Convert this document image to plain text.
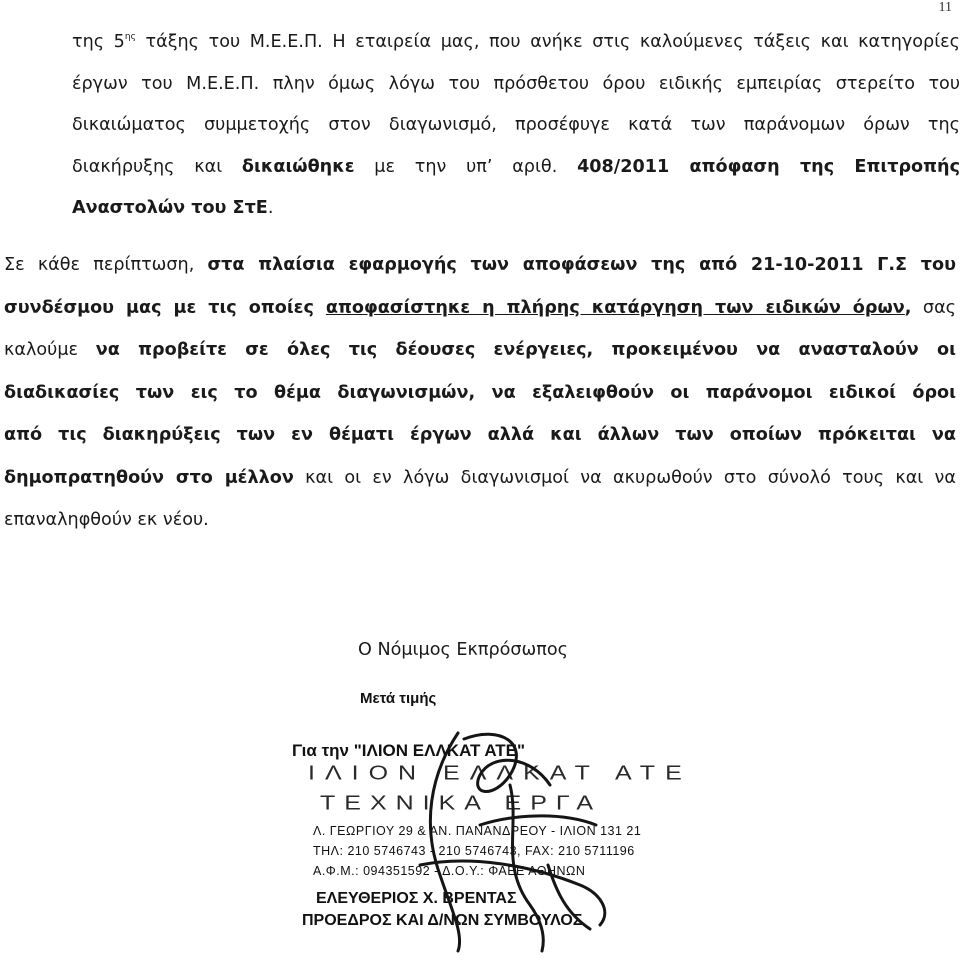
11
της $5^{\eta\varsigma}$ τάξης του Μ.Ε.Ε.Π. Η εταιρεία μας, που ανήκε στις καλούμενες τάξεις και κατηγορίες
έργων του Μ.Ε.Ε.Π. πλην όμως λόγω του πρόσθετου όρου ειδικής εμπειρίας στερείτο του
δικαιώματος συμμετοχής στον διαγωνισμό, προσέφυγε κατά των παράνομων όρων της
διακήρυξης και δικαιώθηκε με την υπ’ αριθ. 408/2011 απόφαση της Επιτροπής
Αναστολών του ΣτΕ.
Σε κάθε περίπτωση, στα πλαίσια εφαρμογής των αποφάσεων της από 21-10-2011 Γ.Σ του
συνδέσμου μας με τις οποίες αποφασίστηκε η πλήρης κατάργηση των ειδικών όρων, σας
καλούμε να προβείτε σε όλες τις δέουσες ενέργειες, προκειμένου να ανασταλούν οι
διαδικασίες των εις το θέμα διαγωνισμών, να εξαλειφθούν οι παράνομοι ειδικοί όροι
από τις διακηρύξεις των εν θέματι έργων αλλά και άλλων των οποίων πρόκειται να
δημοπρατηθούν στο μέλλον και οι εν λόγω διαγωνισμοί να ακυρωθούν στο σύνολό τους και να
επαναληφθούν εκ νέου.
Ο Νόμιμος Εκπρόσωπος
Μετά τιμής
Για την "ΙΛΙΟΝ ΕΛΛΚΑΤ ΑΤΕ"
ΙΛΙΟΝ ΕΛΛΚΑΤ ΑΤΕ
ΤΕΧΝΙΚΑ ΕΡΓΑ
Λ. ΓΕΩΡΓΙΟΥ 29 & ΑΝ. ΠΑΝΑΝΔΡΕΟΥ - ΙΛΙΟΝ 131 21
ΤΗΛ: 210 5746743 - 210 5746743, FAX: 210 5711196
Α.Φ.Μ.: 094351592 - Δ.Ο.Υ.: ΦΑΕΕ ΑΘΗΝΩΝ
ΕΛΕΥΘΕΡΙΟΣ Χ. ΒΡΕΝΤΑΣ
ΠΡΟΕΔΡΟΣ ΚΑΙ Δ/ΝΩΝ ΣΥΜΒΟΥΛΟΣ
